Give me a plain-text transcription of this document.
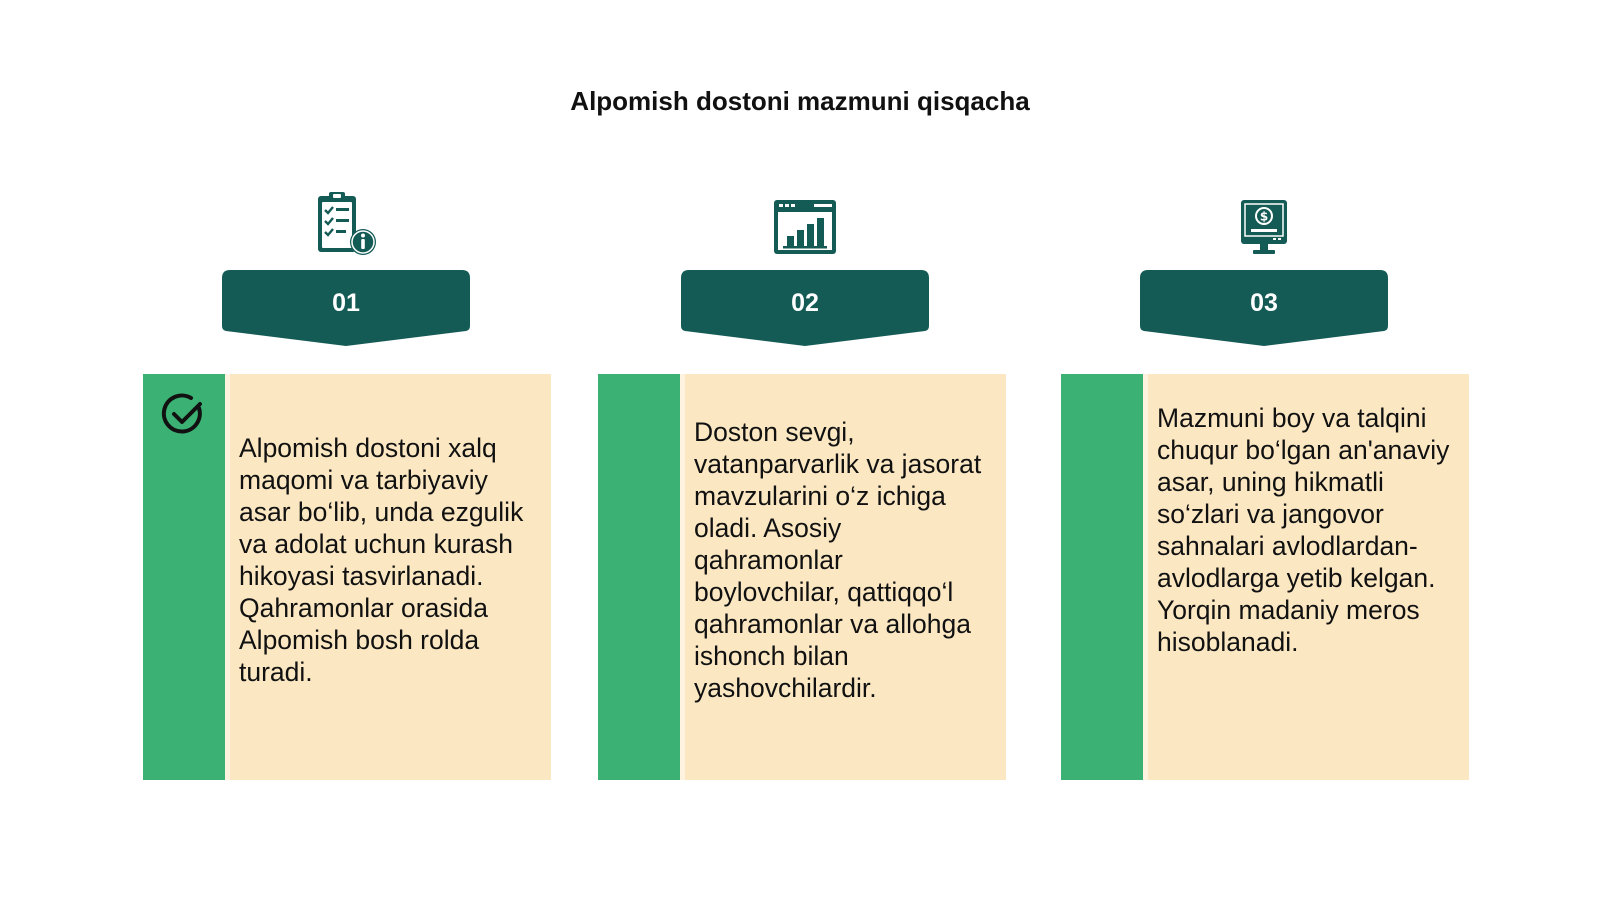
Alpomish dostoni mazmuni qisqacha
01	02
$
03
Alpomish dostoni xalq maqomi va tarbiyaviy asar bo‘lib, unda ezgulik va adolat uchun kurash hikoyasi tasvirlanadi. Qahramonlar orasida Alpomish bosh rolda turadi.
Doston sevgi, vatanparvarlik va jasorat mavzularini o‘z ichiga oladi. Asosiy qahramonlar boylovchilar, qattiqqo‘l qahramonlar va allohga ishonch bilan yashovchilardir.
Mazmuni boy va talqini chuqur bo‘lgan an'anaviy asar, uning hikmatli so‘zlari va jangovor sahnalari avlodlardan-avlodlarga yetib kelgan. Yorqin madaniy meros hisoblanadi.
